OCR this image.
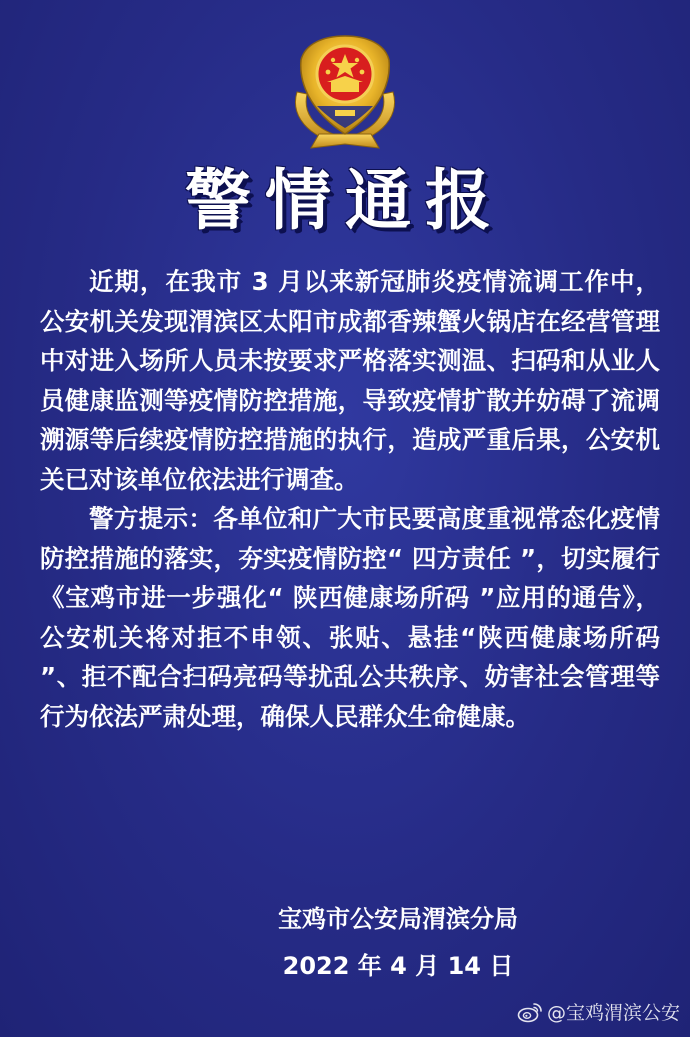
警情通报

近期，在我市 3 月以来新冠肺炎疫情流调工作中，公安机关发现渭滨区太阳市成都香辣蟹火锅店在经营管理中对进入场所人员未按要求严格落实测温、扫码和从业人员健康监测等疫情防控措施，导致疫情扩散并妨碍了流调溯源等后续疫情防控措施的执行，造成严重后果，公安机关已对该单位依法进行调查。

警方提示：各单位和广大市民要高度重视常态化疫情防控措施的落实，夯实疫情防控“ 四方责任 ”，切实履行《宝鸡市进一步强化“ 陕西健康场所码 ”应用的通告》，公安机关将对拒不申领、张贴、悬挂“陕西健康场所码 ”、拒不配合扫码亮码等扰乱公共秩序、妨害社会管理等行为依法严肃处理，确保人民群众生命健康。

宝鸡市公安局渭滨分局
2022 年 4 月 14 日
@宝鸡渭滨公安
